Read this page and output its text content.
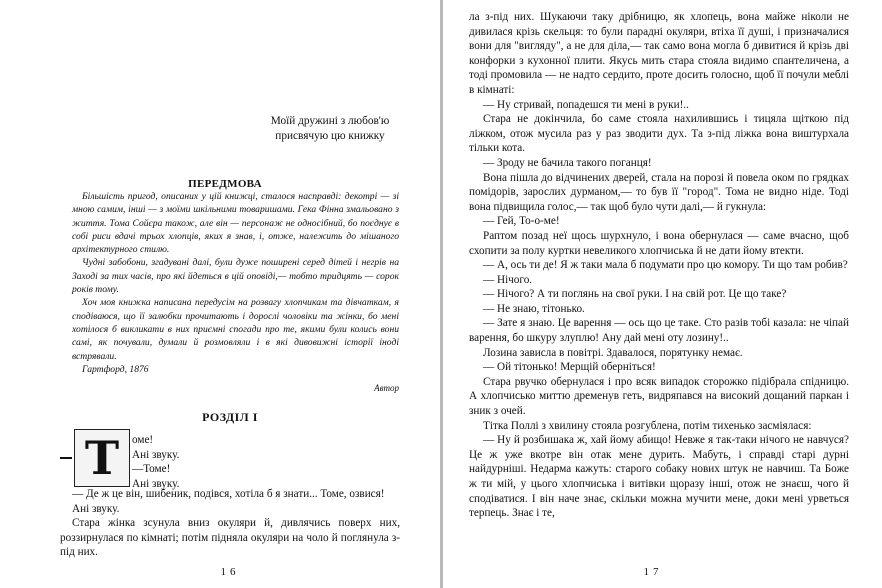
Моїй дружині з любов'ю
присвячую цю книжку
ПЕРЕДМОВА

Більшість пригод, описаних у цій книжці, сталося насправді: декотрі — зі мною самим, інші — з моїми шкільними товаришами. Гека Фінна змальовано з життя. Тома Сойєра також, але він — персонаж не односібний, бо поєднує в собі риси вдачі трьох хлопців, яких я знав, і, отже, належить до мішаного архітектурного стилю.

Чудні забобони, згадувані далі, були дуже поширені серед дітей і негрів на Заході за тих часів, про які йдеться в цій оповіді,— тобто тридцять — сорок років тому.

Хоч моя книжка написана передусім на розвагу хлопчикам та дівчаткам, я сподіваюся, що її залюбки прочитають і дорослі чоловіки та жінки, бо мені хотілося б викликати в них приємні спогади про те, якими були колись вони самі, як почували, думали й розмовляли і в які дивовижні історії іноді встрявали.

Гартфорд, 1876

Автор

РОЗДІЛ І
Т	оме!
Ані звуку.
—Томе!
Ані звуку.

— Де ж це він, шибеник, подівся, хотіла б я знати... Томе, озвися!

Ані звуку.

Стара жінка зсунула вниз окуляри й, дивлячись поверх них, роззирнулася по кімнаті; потім підняла окуляри на чоло й поглянула з-під них.

16

ла з-під них. Шукаючи таку дрібницю, як хлопець, вона майже ніколи не дивилася крізь скельця: то були парадні окуляри, втіха її душі, і призначалися вони для "вигляду", а не для діла,— так само вона могла б дивитися й крізь дві конфорки з кухонної плити. Якусь мить стара стояла видимо спантеличена, а тоді промовила — не надто сердито, проте досить голосно, щоб її почули меблі в кімнаті:

— Ну стривай, попадешся ти мені в руки!..

Стара не докінчила, бо саме стояла нахилившись і тицяла щіткою під ліжком, отож мусила раз у раз зводити дух. Та з-під ліжка вона виштурхала тільки кота.

— Зроду не бачила такого поганця!

Вона пішла до відчинених дверей, стала на порозі й повела оком по грядках помідорів, зарослих дурманом,— то був її "город". Тома не видно ніде. Тоді вона підвищила голос,— так щоб було чути далі,— й гукнула:

— Гей, То-о-ме!

Раптом позад неї щось шурхнуло, і вона обернулася — саме вчасно, щоб схопити за полу куртки невеликого хлопчиська й не дати йому втекти.

— А, ось ти де! Я ж таки мала б подумати про цю комору. Ти що там робив?

— Нічого.

— Нічого? А ти поглянь на свої руки. І на свій рот. Це що таке?

— Не знаю, тітонько.

— Зате я знаю. Це варення — ось що це таке. Сто разів тобі казала: не чіпай варення, бо шкуру злуплю! Ану дай мені оту лозину!..

Лозина зависла в повітрі. Здавалося, порятунку немає.

— Ой тітонько! Мерщій оберніться!

Стара рвучко обернулася і про всяк випадок сторожко підібрала спідницю. А хлопчисько миттю дременув геть, видряпався на високий дощаний паркан і зник з очей.

Тітка Поллі з хвилину стояла розгублена, потім тихенько засміялася:

— Ну й розбишака ж, хай йому абищо! Невже я так-таки нічого не навчуся? Це ж уже вкотре він отак мене дурить. Мабуть, і справді старі дурні найдурніші. Недарма кажуть: старого собаку нових штук не навчиш. Та Боже ж ти мій, у цього хлопчиська і витівки щоразу інші, отож не знаєш, чого й сподіватися. І він наче знає, скільки можна мучити мене, доки мені урветься терпець. Знає і те,

17
